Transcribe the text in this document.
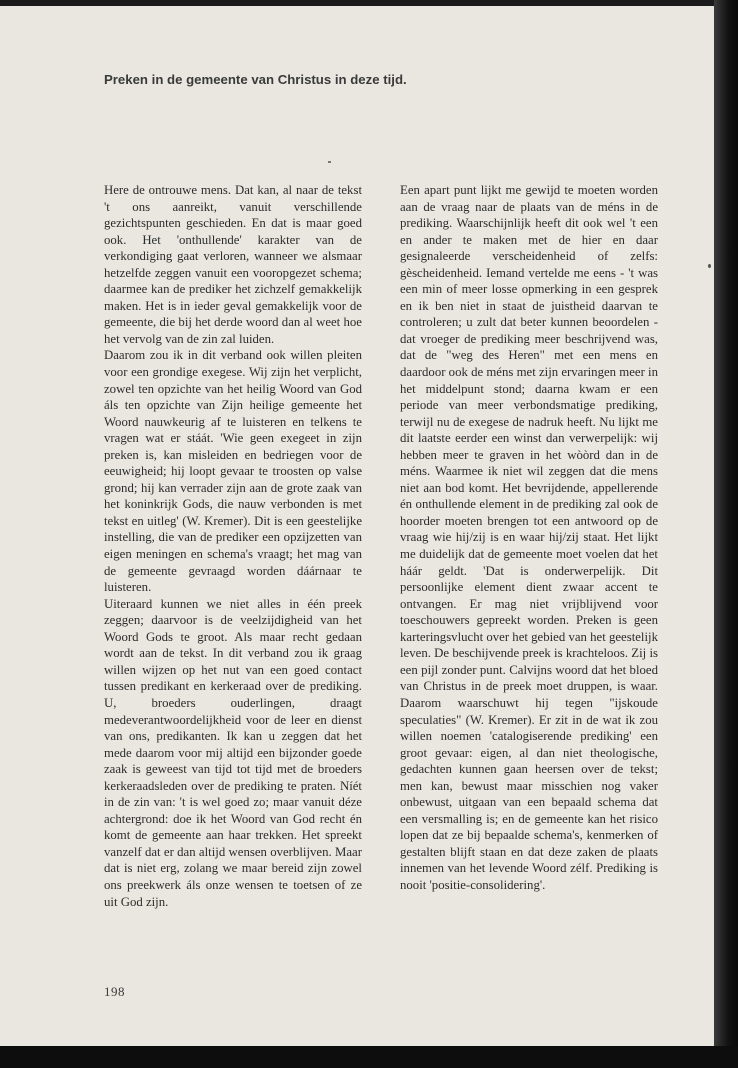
Preken in de gemeente van Christus in deze tijd.

Here de ontrouwe mens. Dat kan, al naar de tekst 't ons aanreikt, vanuit verschillende gezichtspunten geschieden. En dat is maar goed ook. Het 'onthullende' karakter van de verkondiging gaat verloren, wanneer we alsmaar hetzelfde zeggen vanuit een vooropgezet schema; daarmee kan de prediker het zichzelf gemakkelijk maken. Het is in ieder geval gemakkelijk voor de gemeente, die bij het derde woord dan al weet hoe het vervolg van de zin zal luiden.

Daarom zou ik in dit verband ook willen pleiten voor een grondige exegese. Wij zijn het verplicht, zowel ten opzichte van het heilig Woord van God áls ten opzichte van Zijn heilige gemeente het Woord nauwkeurig af te luisteren en telkens te vragen wat er stáát. 'Wie geen exegeet in zijn preken is, kan misleiden en bedriegen voor de eeuwigheid; hij loopt gevaar te troosten op valse grond; hij kan verrader zijn aan de grote zaak van het koninkrijk Gods, die nauw verbonden is met tekst en uitleg' (W. Kremer). Dit is een geestelijke instelling, die van de prediker een opzijzetten van eigen meningen en schema's vraagt; het mag van de gemeente gevraagd worden dáárnaar te luisteren.

Uiteraard kunnen we niet alles in één preek zeggen; daarvoor is de veelzijdigheid van het Woord Gods te groot. Als maar recht gedaan wordt aan de tekst. In dit verband zou ik graag willen wijzen op het nut van een goed contact tussen predikant en kerkeraad over de prediking. U, broeders ouderlingen, draagt medeverantwoordelijkheid voor de leer en dienst van ons, predikanten. Ik kan u zeggen dat het mede daarom voor mij altijd een bijzonder goede zaak is geweest van tijd tot tijd met de broeders kerkeraadsleden over de prediking te praten. Níét in de zin van: 't is wel goed zo; maar vanuit déze achtergrond: doe ik het Woord van God recht én komt de gemeente aan haar trekken. Het spreekt vanzelf dat er dan altijd wensen overblijven. Maar dat is niet erg, zolang we maar bereid zijn zowel ons preekwerk áls onze wensen te toetsen of ze uit God zijn.

Een apart punt lijkt me gewijd te moeten worden aan de vraag naar de plaats van de méns in de prediking. Waarschijnlijk heeft dit ook wel 't een en ander te maken met de hier en daar gesignaleerde verscheidenheid of zelfs: gèscheidenheid. Iemand vertelde me eens - 't was een min of meer losse opmerking in een gesprek en ik ben niet in staat de juistheid daarvan te controleren; u zult dat beter kunnen beoordelen - dat vroeger de prediking meer beschrijvend was, dat de "weg des Heren" met een mens en daardoor ook de méns met zijn ervaringen meer in het middelpunt stond; daarna kwam er een periode van meer verbondsmatige prediking, terwijl nu de exegese de nadruk heeft. Nu lijkt me dit laatste eerder een winst dan verwerpelijk: wij hebben meer te graven in het wòòrd dan in de méns. Waarmee ik niet wil zeggen dat die mens niet aan bod komt. Het bevrijdende, appellerende én onthullende element in de prediking zal ook de hoorder moeten brengen tot een antwoord op de vraag wie hij/zij is en waar hij/zij staat. Het lijkt me duidelijk dat de gemeente moet voelen dat het háár geldt. 'Dat is onderwerpelijk. Dit persoonlijke element dient zwaar accent te ontvangen. Er mag niet vrijblijvend voor toeschouwers gepreekt worden. Preken is geen karteringsvlucht over het gebied van het geestelijk leven. De beschijvende preek is krachteloos. Zij is een pijl zonder punt. Calvijns woord dat het bloed van Christus in de preek moet druppen, is waar. Daarom waarschuwt hij tegen "ijskoude speculaties" (W. Kremer). Er zit in de wat ik zou willen noemen 'catalogiserende prediking' een groot gevaar: eigen, al dan niet theologische, gedachten kunnen gaan heersen over de tekst; men kan, bewust maar misschien nog vaker onbewust, uitgaan van een bepaald schema dat een versmalling is; en de gemeente kan het risico lopen dat ze bij bepaalde schema's, kenmerken of gestalten blijft staan en dat deze zaken de plaats innemen van het levende Woord zélf. Prediking is nooit 'positie-consolidering'.

198
